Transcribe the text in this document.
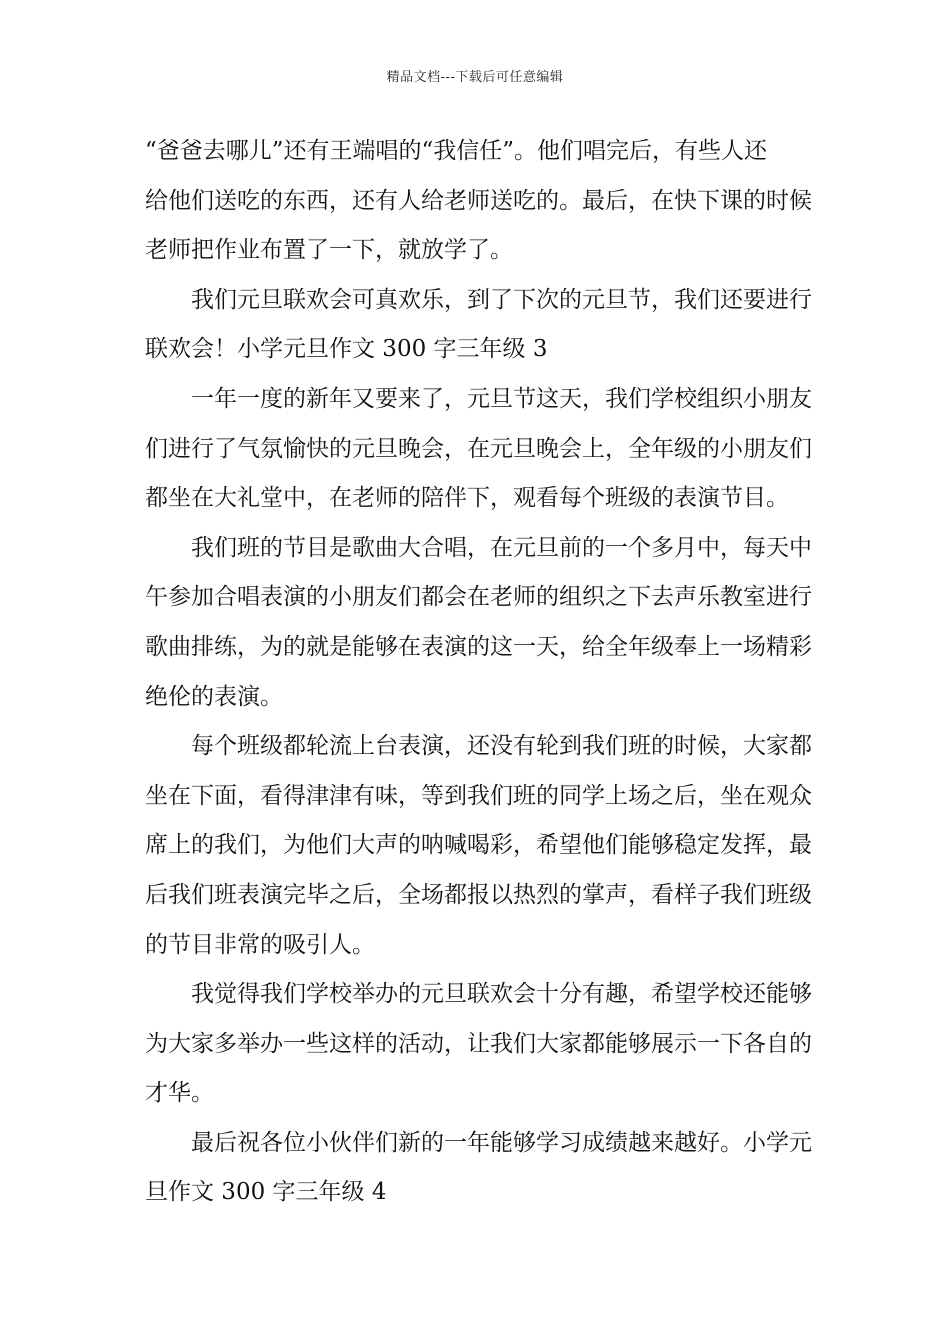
精品文档---下载后可任意编辑
“爸爸去哪儿”还有王端唱的“我信任”。他们唱完后，有些人还
给他们送吃的东西，还有人给老师送吃的。最后，在快下课的时候
老师把作业布置了一下，就放学了。
我们元旦联欢会可真欢乐，到了下次的元旦节，我们还要进行
联欢会！小学元旦作文 300 字三年级 3
一年一度的新年又要来了，元旦节这天，我们学校组织小朋友
们进行了气氛愉快的元旦晚会，在元旦晚会上，全年级的小朋友们
都坐在大礼堂中，在老师的陪伴下，观看每个班级的表演节目。
我们班的节目是歌曲大合唱，在元旦前的一个多月中，每天中
午参加合唱表演的小朋友们都会在老师的组织之下去声乐教室进行
歌曲排练，为的就是能够在表演的这一天，给全年级奉上一场精彩
绝伦的表演。
每个班级都轮流上台表演，还没有轮到我们班的时候，大家都
坐在下面，看得津津有味，等到我们班的同学上场之后，坐在观众
席上的我们，为他们大声的呐喊喝彩，希望他们能够稳定发挥，最
后我们班表演完毕之后，全场都报以热烈的掌声，看样子我们班级
的节目非常的吸引人。
我觉得我们学校举办的元旦联欢会十分有趣，希望学校还能够
为大家多举办一些这样的活动，让我们大家都能够展示一下各自的
才华。
最后祝各位小伙伴们新的一年能够学习成绩越来越好。小学元
旦作文 300 字三年级 4
